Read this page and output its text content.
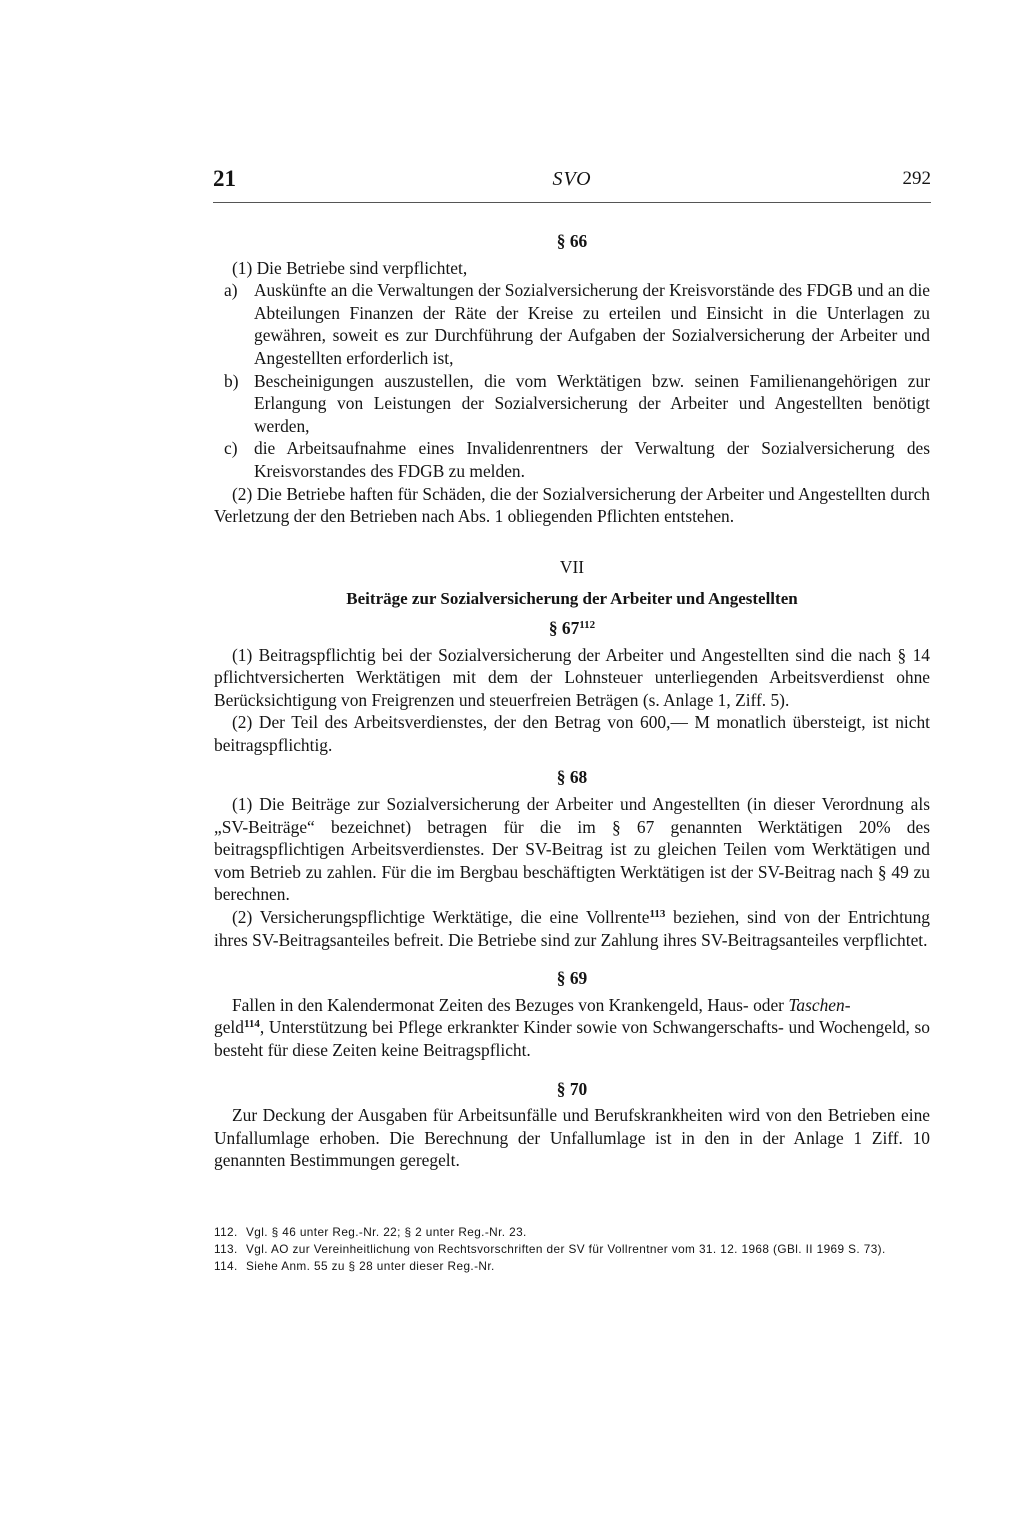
21	SVO	292
§ 66

(1) Die Betriebe sind verpflichtet,

a) Auskünfte an die Verwaltungen der Sozialversicherung der Kreisvorstände des FDGB und an die Abteilungen Finanzen der Räte der Kreise zu erteilen und Einsicht in die Unterlagen zu gewähren, soweit es zur Durchführung der Aufgaben der Sozialversicherung der Arbeiter und Angestellten erforderlich ist,
b) Bescheinigungen auszustellen, die vom Werktätigen bzw. seinen Familienangehörigen zur Erlangung von Leistungen der Sozialversicherung der Arbeiter und Angestellten benötigt werden,
c) die Arbeitsaufnahme eines Invalidenrentners der Verwaltung der Sozialversicherung des Kreisvorstandes des FDGB zu melden.

(2) Die Betriebe haften für Schäden, die der Sozialversicherung der Arbeiter und Angestellten durch Verletzung der den Betrieben nach Abs. 1 obliegenden Pflichten entstehen.

VII
Beiträge zur Sozialversicherung der Arbeiter und Angestellten
§ $67^{112}$

(1) Beitragspflichtig bei der Sozialversicherung der Arbeiter und Angestellten sind die nach § 14 pflichtversicherten Werktätigen mit dem der Lohnsteuer unterliegenden Arbeitsverdienst ohne Berücksichtigung von Freigrenzen und steuerfreien Beträgen (s. Anlage 1, Ziff. 5).

(2) Der Teil des Arbeitsverdienstes, der den Betrag von 600,— M monatlich übersteigt, ist nicht beitragspflichtig.

§ 68

(1) Die Beiträge zur Sozialversicherung der Arbeiter und Angestellten (in dieser Verordnung als „SV-Beiträge“ bezeichnet) betragen für die im § 67 genannten Werktätigen 20% des beitragspflichtigen Arbeitsverdienstes. Der SV-Beitrag ist zu gleichen Teilen vom Werktätigen und vom Betrieb zu zahlen. Für die im Bergbau beschäftigten Werktätigen ist der SV-Beitrag nach § 49 zu berechnen.

(2) Versicherungspflichtige Werktätige, die eine Vollrente$^{113}$ beziehen, sind von der Entrichtung ihres SV-Beitragsanteiles befreit. Die Betriebe sind zur Zahlung ihres SV-Beitragsanteiles verpflichtet.

§ 69

Fallen in den Kalendermonat Zeiten des Bezuges von Krankengeld, Haus- oder Taschen-
geld$^{114}$, Unterstützung bei Pflege erkrankter Kinder sowie von Schwangerschafts- und Wochengeld, so besteht für diese Zeiten keine Beitragspflicht.

§ 70

Zur Deckung der Ausgaben für Arbeitsunfälle und Berufskrankheiten wird von den Betrieben eine Unfallumlage erhoben. Die Berechnung der Unfallumlage ist in den in der Anlage 1 Ziff. 10 genannten Bestimmungen geregelt.

112. Vgl. § 46 unter Reg.-Nr. 22; § 2 unter Reg.-Nr. 23.
113. Vgl. AO zur Vereinheitlichung von Rechtsvorschriften der SV für Vollrentner vom 31. 12. 1968 (GBl. II 1969 S. 73).
114. Siehe Anm. 55 zu § 28 unter dieser Reg.-Nr.
